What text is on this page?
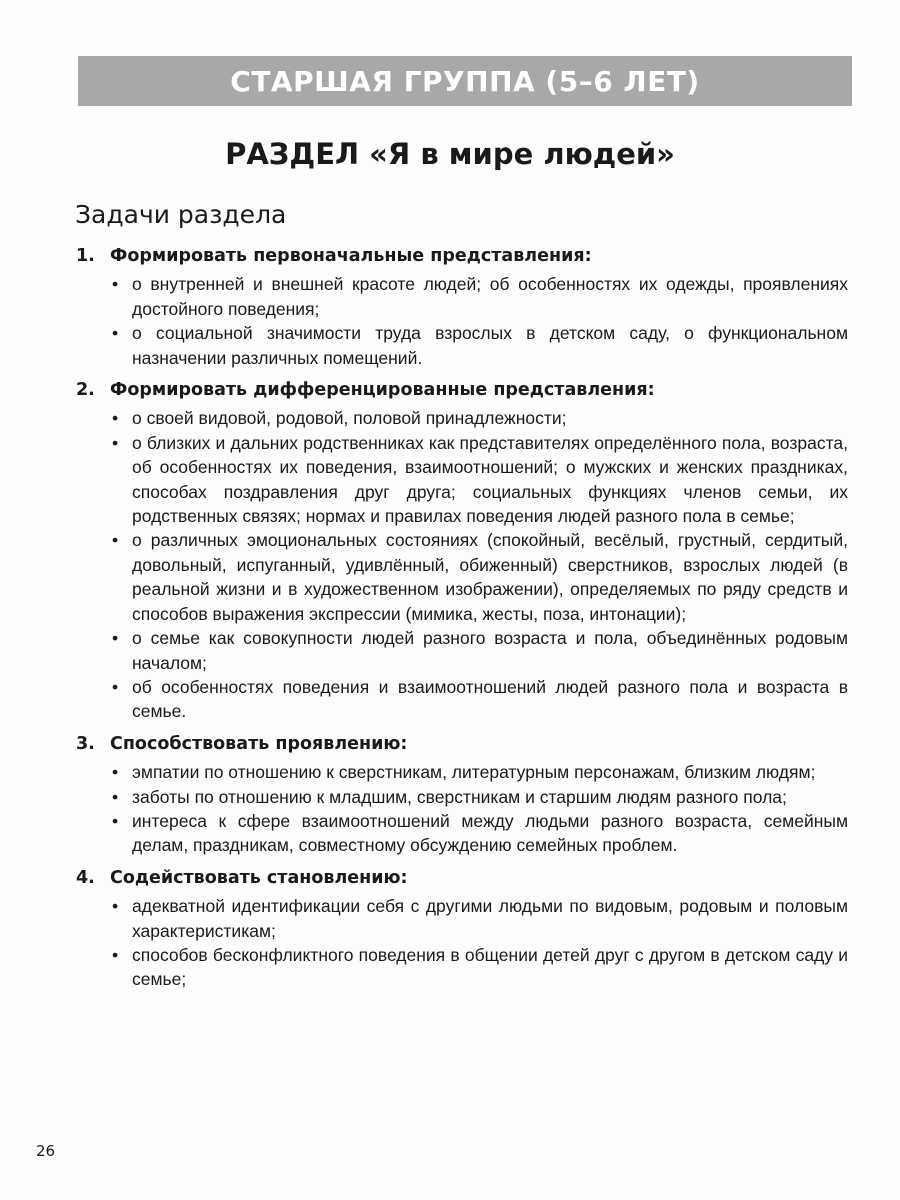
СТАРШАЯ ГРУППА (5–6 ЛЕТ)
РАЗДЕЛ «Я в мире людей»
Задачи раздела
1. Формировать первоначальные представления:
• о внутренней и внешней красоте людей; об особенностях их одежды, проявлениях достойного поведения;
• о социальной значимости труда взрослых в детском саду, о функциональном назначении различных помещений.
2. Формировать дифференцированные представления:
• о своей видовой, родовой, половой принадлежности;
• о близких и дальних родственниках как представителях определённого пола, возраста, об особенностях их поведения, взаимоотношений; о мужских и женских праздниках, способах поздравления друг друга; социальных функциях членов семьи, их родственных связях; нормах и правилах поведения людей разного пола в семье;
• о различных эмоциональных состояниях (спокойный, весёлый, грустный, сердитый, довольный, испуганный, удивлённый, обиженный) сверстников, взрослых людей (в реальной жизни и в художественном изображении), определяемых по ряду средств и способов выражения экспрессии (мимика, жесты, поза, интонации);
• о семье как совокупности людей разного возраста и пола, объединённых родовым началом;
• об особенностях поведения и взаимоотношений людей разного пола и возраста в семье.
3. Способствовать проявлению:
• эмпатии по отношению к сверстникам, литературным персонажам, близким людям;
• заботы по отношению к младшим, сверстникам и старшим людям разного пола;
• интереса к сфере взаимоотношений между людьми разного возраста, семейным делам, праздникам, совместному обсуждению семейных проблем.
4. Содействовать становлению:
• адекватной идентификации себя с другими людьми по видовым, родовым и половым характеристикам;
• способов бесконфликтного поведения в общении детей друг с другом в детском саду и семье;
26
